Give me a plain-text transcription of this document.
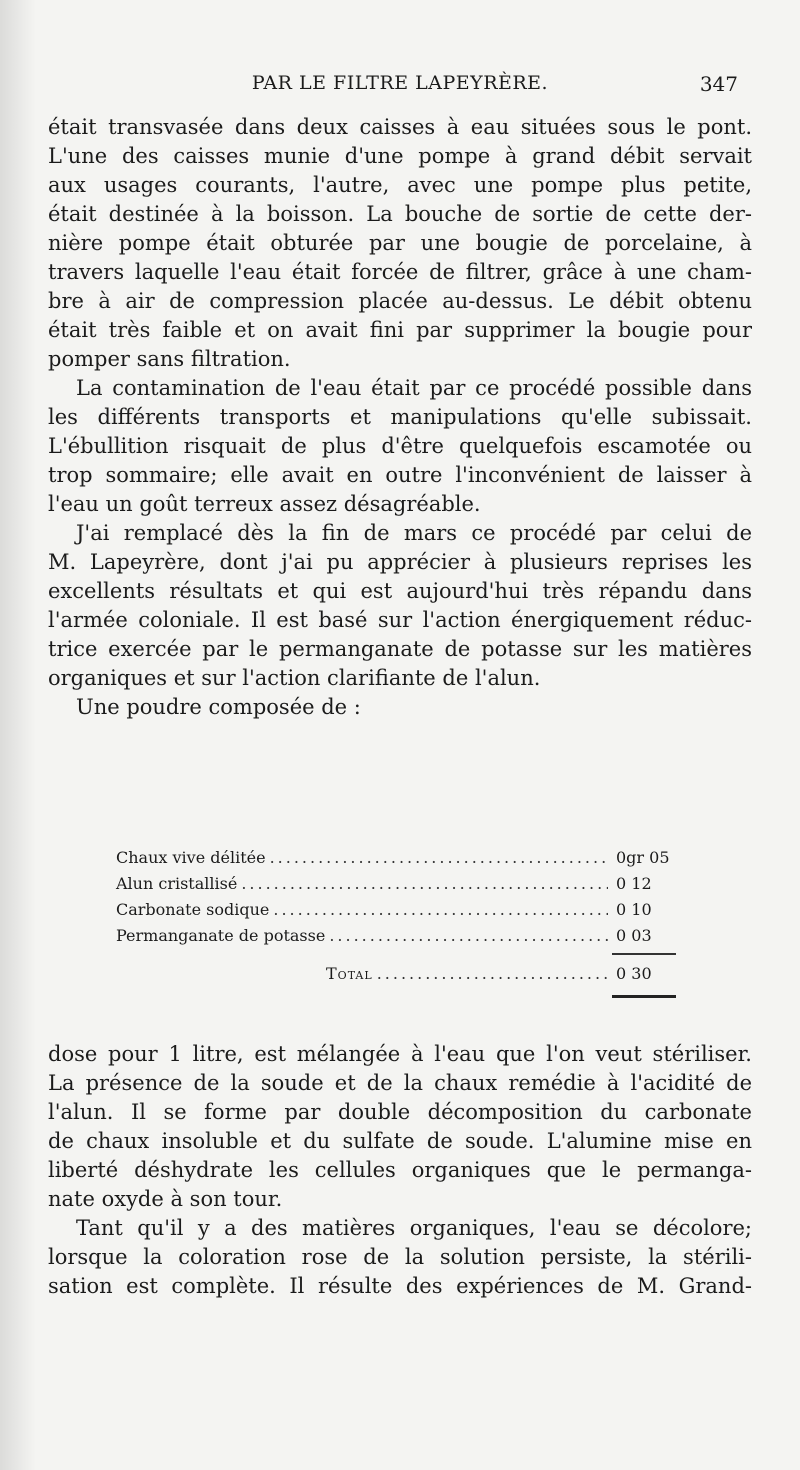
PAR LE FILTRE LAPEYRÈRE.	347
était transvasée dans deux caisses à eau situées sous le pont.
L'une des caisses munie d'une pompe à grand débit servait
aux usages courants, l'autre, avec une pompe plus petite,
était destinée à la boisson. La bouche de sortie de cette der-
nière pompe était obturée par une bougie de porcelaine, à
travers laquelle l'eau était forcée de filtrer, grâce à une cham-
bre à air de compression placée au-dessus. Le débit obtenu
était très faible et on avait fini par supprimer la bougie pour
pomper sans filtration.
La contamination de l'eau était par ce procédé possible dans
les différents transports et manipulations qu'elle subissait.
L'ébullition risquait de plus d'être quelquefois escamotée ou
trop sommaire; elle avait en outre l'inconvénient de laisser à
l'eau un goût terreux assez désagréable.
J'ai remplacé dès la fin de mars ce procédé par celui de
M. Lapeyrère, dont j'ai pu apprécier à plusieurs reprises les
excellents résultats et qui est aujourd'hui très répandu dans
l'armée coloniale. Il est basé sur l'action énergiquement réduc-
trice exercée par le permanganate de potasse sur les matières
organiques et sur l'action clarifiante de l'alun.
Une poudre composée de :
Chaux vive délitée .....	0gr 05
Alun cristallisé .....	0 12
Carbonate sodique .....	0 10
Permanganate de potasse .....	0 03
Total .....	0 30
dose pour 1 litre, est mélangée à l'eau que l'on veut stériliser.
La présence de la soude et de la chaux remédie à l'acidité de
l'alun. Il se forme par double décomposition du carbonate
de chaux insoluble et du sulfate de soude. L'alumine mise en
liberté déshydrate les cellules organiques que le permanga-
nate oxyde à son tour.
Tant qu'il y a des matières organiques, l'eau se décolore;
lorsque la coloration rose de la solution persiste, la stérili-
sation est complète. Il résulte des expériences de M. Grand-
